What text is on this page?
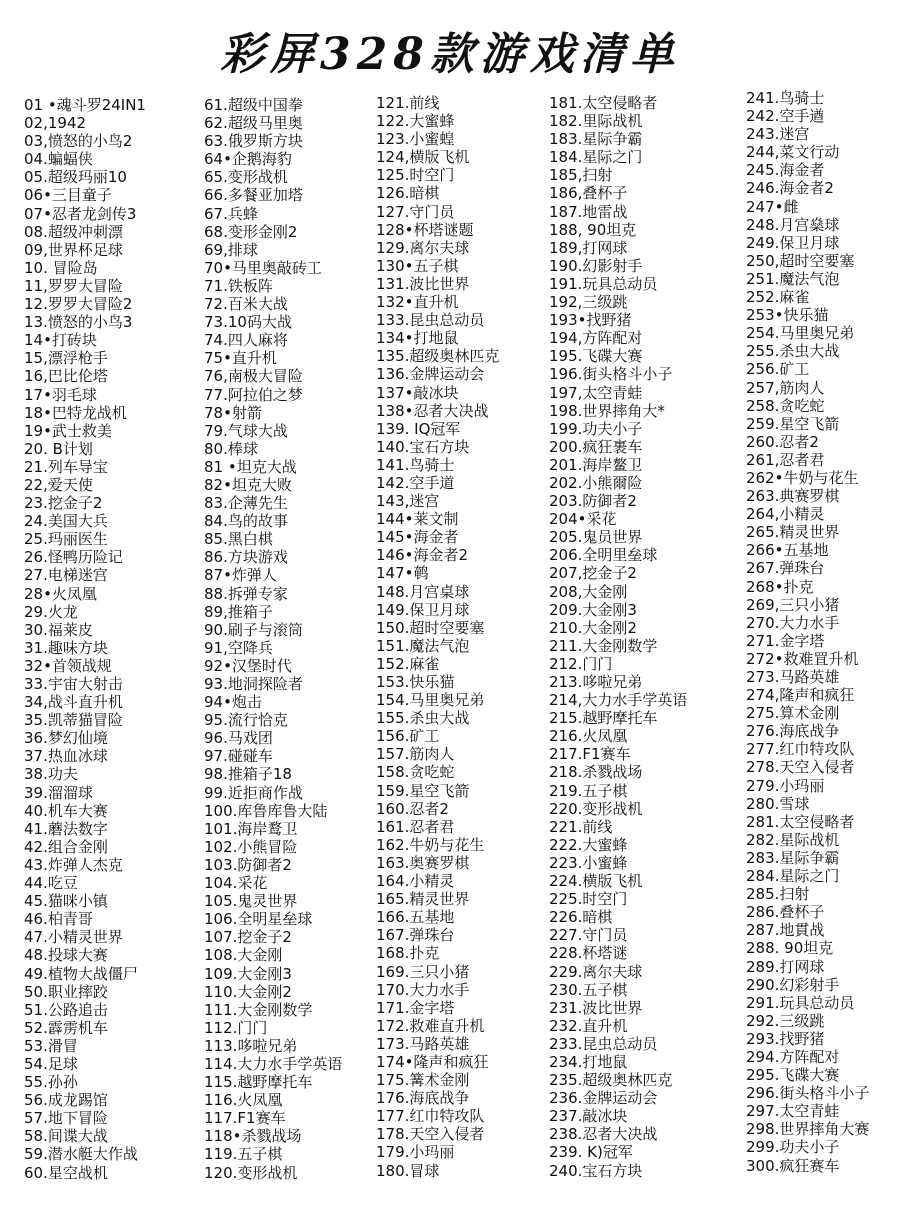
彩屏328款游戏清单
01 •魂斗罗24IN1
02,1942
03,愤怒的小鸟2
04.蝙蝠侠
05.超级玛丽10
06•三目童子
07•忍者龙剑传3
08.超级冲刺漂
09,世界杯足球
10. 冒险岛
11,罗罗大冒险
12.罗罗大冒险2
13.愤怒的小鸟3
14•打砖块
15,漂浮枪手
16,巴比伦塔
17•羽毛球
18•巴特龙战机
19•武士救美
20. B计划
21.列车导宝
22,爱天使
23.挖金子2
24.美国大兵
25.玛丽医生
26.怪鸭历险记
27.电梯迷宫
28•火凤凰
29.火龙
30.福莱皮
31.趣味方块
32•首领战规
33.宇宙大射击
34,战斗直升机
35.凯蒂猫冒险
36.梦幻仙境
37.热血冰球
38.功夫
39.溜溜球
40.机车大赛
41.蘑法数字
42.组合金刚
43.炸弹人杰克
44.吃豆
45.猫咪小镇
46.柏青哥
47.小精灵世界
48.投球大赛
49.植物大战僵尸
50.职业摔跤
51.公路追击
52.霹雳机车
53.滑冒
54.足球
55.孙孙
56.成龙踢馆
57.地下冒险
58.间谍大战
59.潜水艇大作战
60.星空战机
61.超级中国拳
62.超级马里奥
63.俄罗斯方块
64•企鹅海豹
65.变形战机
66.多餐亚加塔
67.兵蜂
68.变形金刚2
69,排球
70•马里奥敲砖工
71.铁板阵
72.百米大战
73.10码大战
74.四人麻将
75•直升机
76,南极大冒险
77.阿拉伯之梦
78•射箭
79.气球大战
80.棒球
81 •坦克大战
82•坦克大败
83.企薄先生
84.鸟的故事
85.黑白棋
86.方块游戏
87•炸弹人
88.拆弹专家
89,推箱子
90.刷子与滚筒
91,空降兵
92•汉堡时代
93.地洞探险者
94•炮击
95.流行恰克
96.马戏团
97.碰碰车
98.推箱子18
99.近拒商作战
100.库鲁库鲁大陆
101.海岸鹜卫
102.小熊冒险
103.防御者2
104.采花
105.鬼灵世界
106.全明星垒球
107.挖金子2
108.大金刚
109.大金刚3
110.大金刚2
111.大金刚数学
112.门门
113.哆啦兄弟
114.大力水手学英语
115.越野摩托车
116.火凤凰
117.F1赛车
118•杀戮战场
119.五子棋
120.变形战机
121.前线
122.大蜜蜂
123.小蜜蝗
124,横版飞机
125.时空门
126.暗棋
127.守门员
128•杯塔谜题
129.离尔夫球
130•五子棋
131.波比世界
132•直升机
133.昆虫总动员
134•打地鼠
135.超级奥林匹克
136.金牌运动会
137•敲冰块
138•忍者大决战
139. IQ冠军
140.宝石方块
141.鸟骑士
142.空手道
143,迷宫
144•莱文制
145•海金者
146•海金者2
147•鹌
148.月宫桌球
149.保卫月球
150.超时空要塞
151.魔法气泡
152.麻雀
153.快乐猫
154.马里奥兄弟
155.杀虫大战
156.矿工
157.筋肉人
158.贪吃蛇
159.星空飞箭
160.忍者2
161.忍者君
162.牛奶与花生
163.奥赛罗棋
164.小精灵
165.精灵世界
166.五基地
167.弹珠台
168.扑克
169.三只小猪
170.大力水手
171.金字塔
172.救难直升机
173.马路英雄
174•隆声和疯狂
175.篝术金刚
176.海底战争
177.红巾特攻队
178.天空入侵者
179.小玛丽
180.冒球
181.太空侵略者
182.里际战机
183.星际争霸
184.星际之门
185,扫射
186,叠杯子
187.地雷战
188, 90坦克
189,打网球
190.幻影射手
191.玩具总动员
192,三级跳
193•找野猪
194,方阵配对
195.飞碟大赛
196.街头格斗小子
197,太空青蛙
198.世界摔角大*
199.功夫小子
200.疯狂裹车
201.海岸鳌卫
202.小熊爾险
203.防御者2
204•采花
205.鬼员世界
206.全明里垒球
207,挖金子2
208,大金刚
209.大金刚3
210.大金刚2
211.大金刚数学
212.门门
213.哆啦兄弟
214,大力水手学英语
215.越野摩托车
216.火凤凰
217.F1赛车
218.杀戮战场
219.五子棋
220.变形战机
221.前线
222.大蜜蜂
223.小蜜蜂
224.横版飞机
225.时空门
226.暗棋
227.守门员
228.杯塔谜
229.离尔夫球
230.五子棋
231.波比世界
232.直升机
233.昆虫总动员
234.打地鼠
235.超级奥林匹克
236.金牌运动会
237.敲冰块
238.忍者大决战
239. K)冠军
240.宝石方块
241.鸟骑士
242.空手遒
243.迷宫
244,菜文行动
245.海金者
246.海金者2
247•雌
248.月宫燊球
249.保卫月球
250,超时空要塞
251.魔法气泡
252.麻雀
253•快乐猫
254.马里奥兄弟
255.杀虫大战
256.矿工
257,筋肉人
258.贪吃蛇
259.星空飞箭
260.忍者2
261,忍者君
262•牛奶与花生
263.典赛罗棋
264,小精灵
265.精灵世界
266•五基地
267.弹珠台
268•扑克
269,三只小猪
270.大力水手
271.金字塔
272•救难罝升机
273.马路英雄
274,隆声和疯狂
275.算术金刚
276.海底战争
277.红巾特攻队
278.天空入侵者
279.小玛丽
280.雪球
281.太空侵略者
282.星际战机
283.星际争霸
284.星际之门
285.扫射
286.叠杯子
287.地貫战
288. 90坦克
289.打网球
290.幻彩射手
291.玩具总动员
292.三级跳
293.找野猪
294.方阵配对
295.飞碟大赛
296.街头格斗小子
297.太空青蛙
298.世界摔角大赛
299.功夫小子
300.疯狂赛车
